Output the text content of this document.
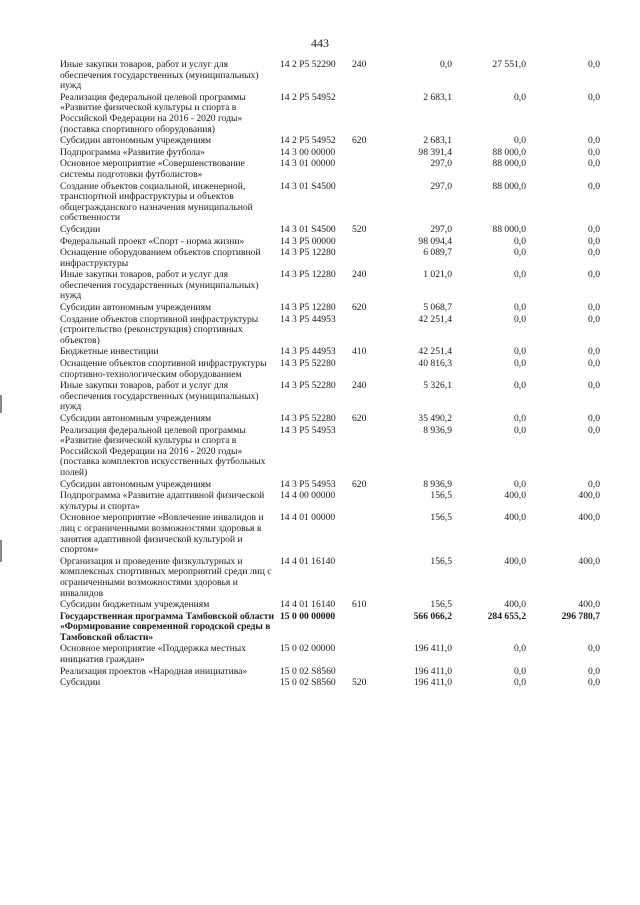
443
Иные закупки товаров, работ и услуг для обеспечения государственных (муниципальных) нужд	14 2 P5 52290	240	0,0	27 551,0	0,0
Реализация федеральной целевой программы «Развитие физической культуры и спорта в Российской Федерации на 2016 - 2020 годы» (поставка спортивного оборудования)	14 2 P5 54952		2 683,1	0,0	0,0
Субсидии автономным учреждениям	14 2 P5 54952	620	2 683,1	0,0	0,0
Подпрограмма «Развитие футбола»	14 3 00 00000		98 391,4	88 000,0	0,0
Основное мероприятие «Совершенствование системы подготовки футболистов»	14 3 01 00000		297,0	88 000,0	0,0
Создание объектов социальной, инженерной, транспортной инфраструктуры и объектов общегражданского назначения муниципальной собственности	14 3 01 S4500		297,0	88 000,0	0,0
Субсидии	14 3 01 S4500	520	297,0	88 000,0	0,0
Федеральный проект «Спорт - норма жизни»	14 3 P5 00000		98 094,4	0,0	0,0
Оснащение оборудованием объектов спортивной инфраструктуры	14 3 P5 12280		6 089,7	0,0	0,0
Иные закупки товаров, работ и услуг для обеспечения государственных (муниципальных) нужд	14 3 P5 12280	240	1 021,0	0,0	0,0
Субсидии автономным учреждениям	14 3 P5 12280	620	5 068,7	0,0	0,0
Создание объектов спортивной инфраструктуры (строительство (реконструкция) спортивных объектов)	14 3 P5 44953		42 251,4	0,0	0,0
Бюджетные инвестиции	14 3 P5 44953	410	42 251,4	0,0	0,0
Оснащение объектов спортивной инфраструктуры спортивно-технологическим оборудованием	14 3 P5 52280		40 816,3	0,0	0,0
Иные закупки товаров, работ и услуг для обеспечения государственных (муниципальных) нужд	14 3 P5 52280	240	5 326,1	0,0	0,0
Субсидии автономным учреждениям	14 3 P5 52280	620	35 490,2	0,0	0,0
Реализация федеральной целевой программы «Развитие физической культуры и спорта в Российской Федерации на 2016 - 2020 годы» (поставка комплектов искусственных футбольных полей)	14 3 P5 54953		8 936,9	0,0	0,0
Субсидии автономным учреждениям	14 3 P5 54953	620	8 936,9	0,0	0,0
Подпрограмма «Развитие адаптивной физической культуры и спорта»	14 4 00 00000		156,5	400,0	400,0
Основное мероприятие «Вовлечение инвалидов и лиц с ограниченными возможностями здоровья в занятия адаптивной физической культурой и спортом»	14 4 01 00000		156,5	400,0	400,0
Организация и проведение физкультурных и комплексных спортивных мероприятий среди лиц с ограниченными возможностями здоровья и инвалидов	14 4 01 16140		156,5	400,0	400,0
Субсидии бюджетным учреждениям	14 4 01 16140	610	156,5	400,0	400,0
Государственная программа Тамбовской области «Формирование современной городской среды в Тамбовской области»	15 0 00 00000		566 066,2	284 655,2	296 780,7
Основное мероприятие «Поддержка местных инициатив граждан»	15 0 02 00000		196 411,0	0,0	0,0
Реализация проектов «Народная инициатива»	15 0 02 S8560		196 411,0	0,0	0,0
Субсидии	15 0 02 S8560	520	196 411,0	0,0	0,0
